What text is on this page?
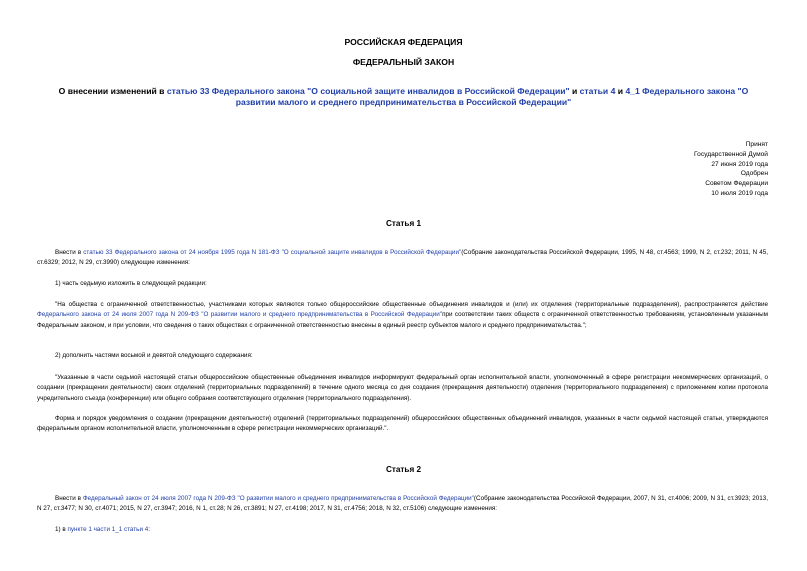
РОССИЙСКАЯ ФЕДЕРАЦИЯ
ФЕДЕРАЛЬНЫЙ ЗАКОН
О внесении изменений в статью 33 Федерального закона "О социальной защите инвалидов в Российской Федерации" и статьи 4 и 4_1 Федерального закона "О развитии малого и среднего предпринимательства в Российской Федерации"
Принят
Государственной Думой
27 июня 2019 года
Одобрен
Советом Федерации
10 июля 2019 года
Статья 1
Внести в статью 33 Федерального закона от 24 ноября 1995 года N 181-ФЗ "О социальной защите инвалидов в Российской Федерации"(Собрание законодательства Российской Федерации, 1995, N 48, ст.4563; 1999, N 2, ст.232; 2011, N 45, ст.6329; 2012, N 29, ст.3990) следующие изменения:
1) часть седьмую изложить в следующей редакции:
"На общества с ограниченной ответственностью, участниками которых являются только общероссийские общественные объединения инвалидов и (или) их отделения (территориальные подразделения), распространяется действие Федерального закона от 24 июля 2007 года N 209-ФЗ "О развитии малого и среднего предпринимательства в Российской Федерации"при соответствии таких обществ с ограниченной ответственностью требованиям, установленным указанным Федеральным законом, и при условии, что сведения о таких обществах с ограниченной ответственностью внесены в единый реестр субъектов малого и среднего предпринимательства.";
2) дополнить частями восьмой и девятой следующего содержания:
"Указанные в части седьмой настоящей статьи общероссийские общественные объединения инвалидов информируют федеральный орган исполнительной власти, уполномоченный в сфере регистрации некоммерческих организаций, о создании (прекращении деятельности) своих отделений (территориальных подразделений) в течение одного месяца со дня создания (прекращения деятельности) отделения (территориального подразделения) с приложением копии протокола учредительного съезда (конференции) или общего собрания соответствующего отделения (территориального подразделения).
Форма и порядок уведомления о создании (прекращении деятельности) отделений (территориальных подразделений) общероссийских общественных объединений инвалидов, указанных в части седьмой настоящей статьи, утверждаются федеральным органом исполнительной власти, уполномоченным в сфере регистрации некоммерческих организаций.".
Статья 2
Внести в Федеральный закон от 24 июля 2007 года N 209-ФЗ "О развитии малого и среднего предпринимательства в Российской Федерации"(Собрание законодательства Российской Федерации, 2007, N 31, ст.4006; 2009, N 31, ст.3923; 2013, N 27, ст.3477; N 30, ст.4071; 2015, N 27, ст.3947; 2016, N 1, ст.28; N 26, ст.3891; N 27, ст.4198; 2017, N 31, ст.4756; 2018, N 32, ст.5106) следующие изменения:
1) в пункте 1 части 1_1 статьи 4:
